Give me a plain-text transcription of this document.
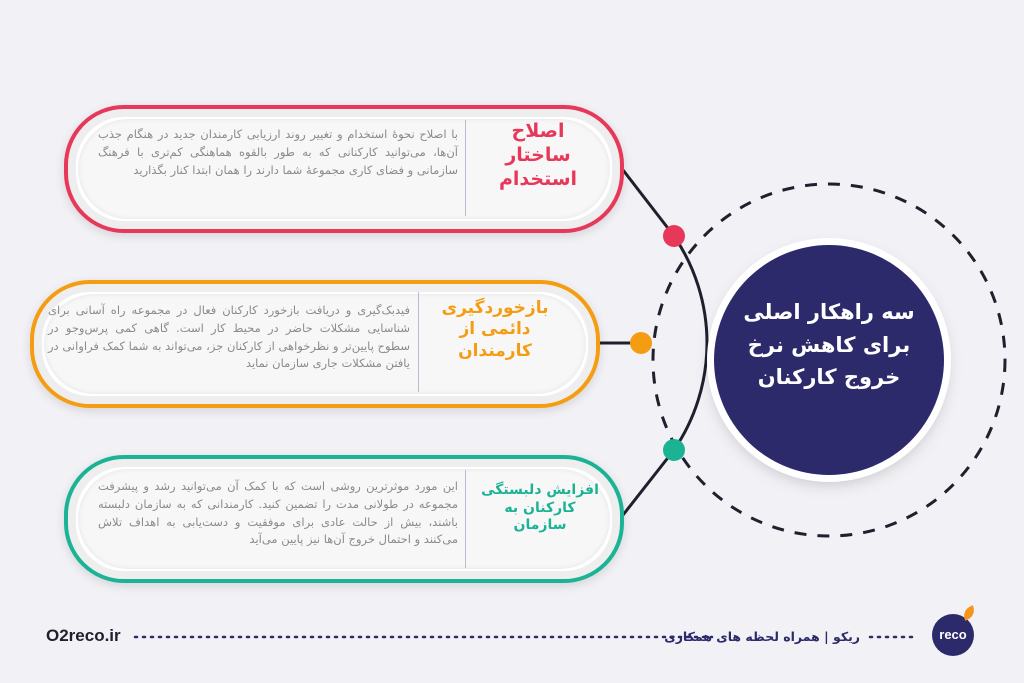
اصلاح ساختار استخدام
با اصلاح نحوهٔ استخدام و تغییر روند ارزیابی کارمندان جدید در هنگام جذب آن‌ها، می‌توانید کارکنانی که به طور بالقوه هماهنگی کم‌تری با فرهنگ سازمانی و فضای کاری مجموعهٔ شما دارند را همان ابتدا کنار بگذارید
بازخوردگیری دائمی از کارمندان
فیدبک‌گیری و دریافت بازخورد کارکنان فعال در مجموعه راه آسانی برای شناسایی مشکلات حاضر در محیط کار است. گاهی کمی پرس‌وجو در سطوح پایین‌تر و نظرخواهی از کارکنان جز، می‌تواند به شما کمک فراوانی در یافتن مشکلات جاری سازمان نماید
افزایش دلبستگی کارکنان به سازمان
این مورد موثرترین روشی است که با کمک آن می‌توانید رشد و پیشرفت مجموعه در طولانی مدت را تضمین کنید. کارمندانی که به سازمان دلبسته باشند، بیش از حالت عادی برای موفقیت و دست‌یابی به اهداف تلاش می‌کنند و احتمال خروج آن‌ها نیز پایین می‌آید
سه راهکار اصلی برای کاهش نرخ خروج کارکنان
O2reco.ir	ریکو | همراه لحظه های همکاری	reco
